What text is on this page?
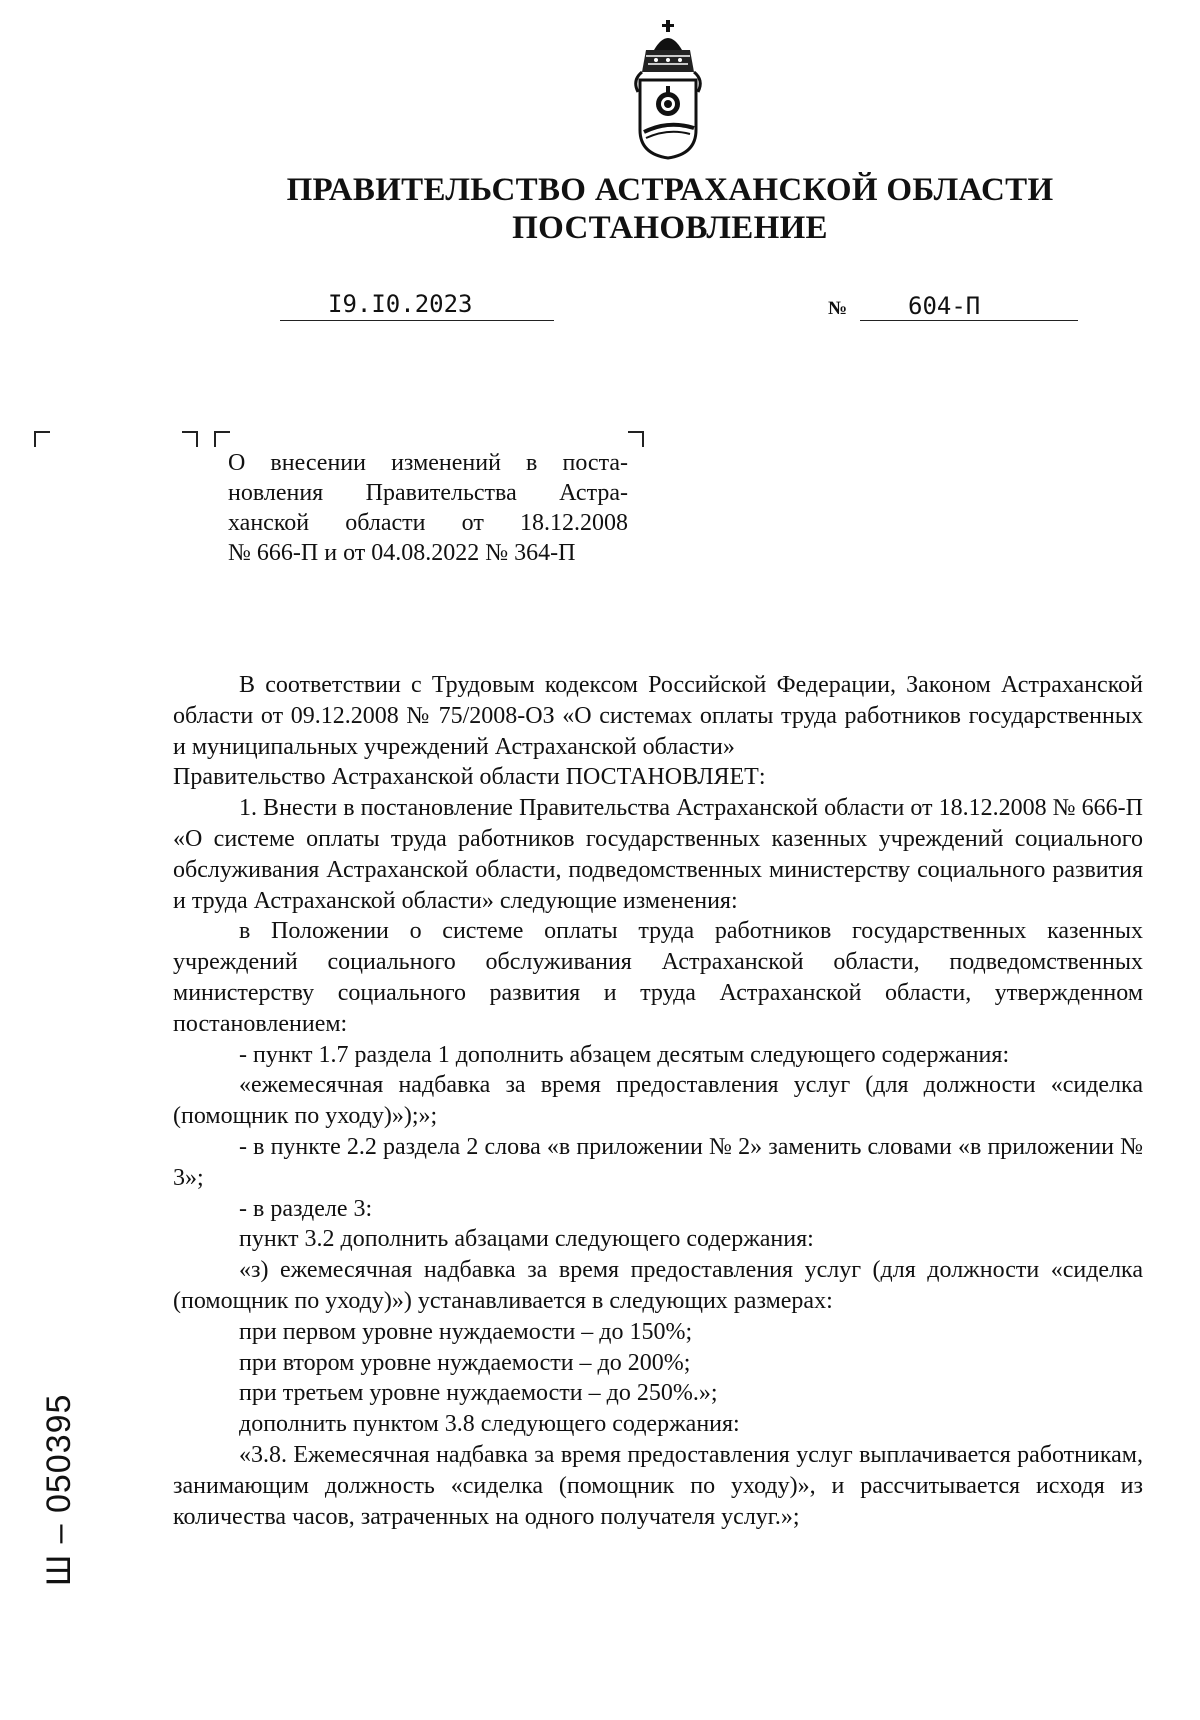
ПРАВИТЕЛЬСТВО АСТРАХАНСКОЙ ОБЛАСТИ
ПОСТАНОВЛЕНИЕ
I9.I0.2023	№	604-П
О внесении изменений в поста-
новления Правительства Астра-
ханской области от 18.12.2008
№ 666-П и от 04.08.2022 № 364-П

В соответствии с Трудовым кодексом Российской Федерации, Законом Астраханской области от 09.12.2008 № 75/2008-ОЗ «О системах оплаты труда работников государственных и муниципальных учреждений Астраханской области»

Правительство Астраханской области ПОСТАНОВЛЯЕТ:

1. Внести в постановление Правительства Астраханской области от 18.12.2008 № 666-П «О системе оплаты труда работников государственных казенных учреждений социального обслуживания Астраханской области, подведомственных министерству социального развития и труда Астраханской области» следующие изменения:

в Положении о системе оплаты труда работников государственных казенных учреждений социального обслуживания Астраханской области, подведомственных министерству социального развития и труда Астраханской области, утвержденном постановлением:

- пункт 1.7 раздела 1 дополнить абзацем десятым следующего содержания:

«ежемесячная надбавка за время предоставления услуг (для должности «сиделка (помощник по уходу)»);»;

- в пункте 2.2 раздела 2 слова «в приложении № 2» заменить словами «в приложении № 3»;

- в разделе 3:

пункт 3.2 дополнить абзацами следующего содержания:

«з) ежемесячная надбавка за время предоставления услуг (для должности «сиделка (помощник по уходу)») устанавливается в следующих размерах:

при первом уровне нуждаемости – до 150%;

при втором уровне нуждаемости – до 200%;

при третьем уровне нуждаемости – до 250%.»;

дополнить пунктом 3.8 следующего содержания:

«3.8. Ежемесячная надбавка за время предоставления услуг выплачивается работникам, занимающим должность «сиделка (помощник по уходу)», и рассчитывается исходя из количества часов, затраченных на одного получателя услуг.»;

Ш – 050395
